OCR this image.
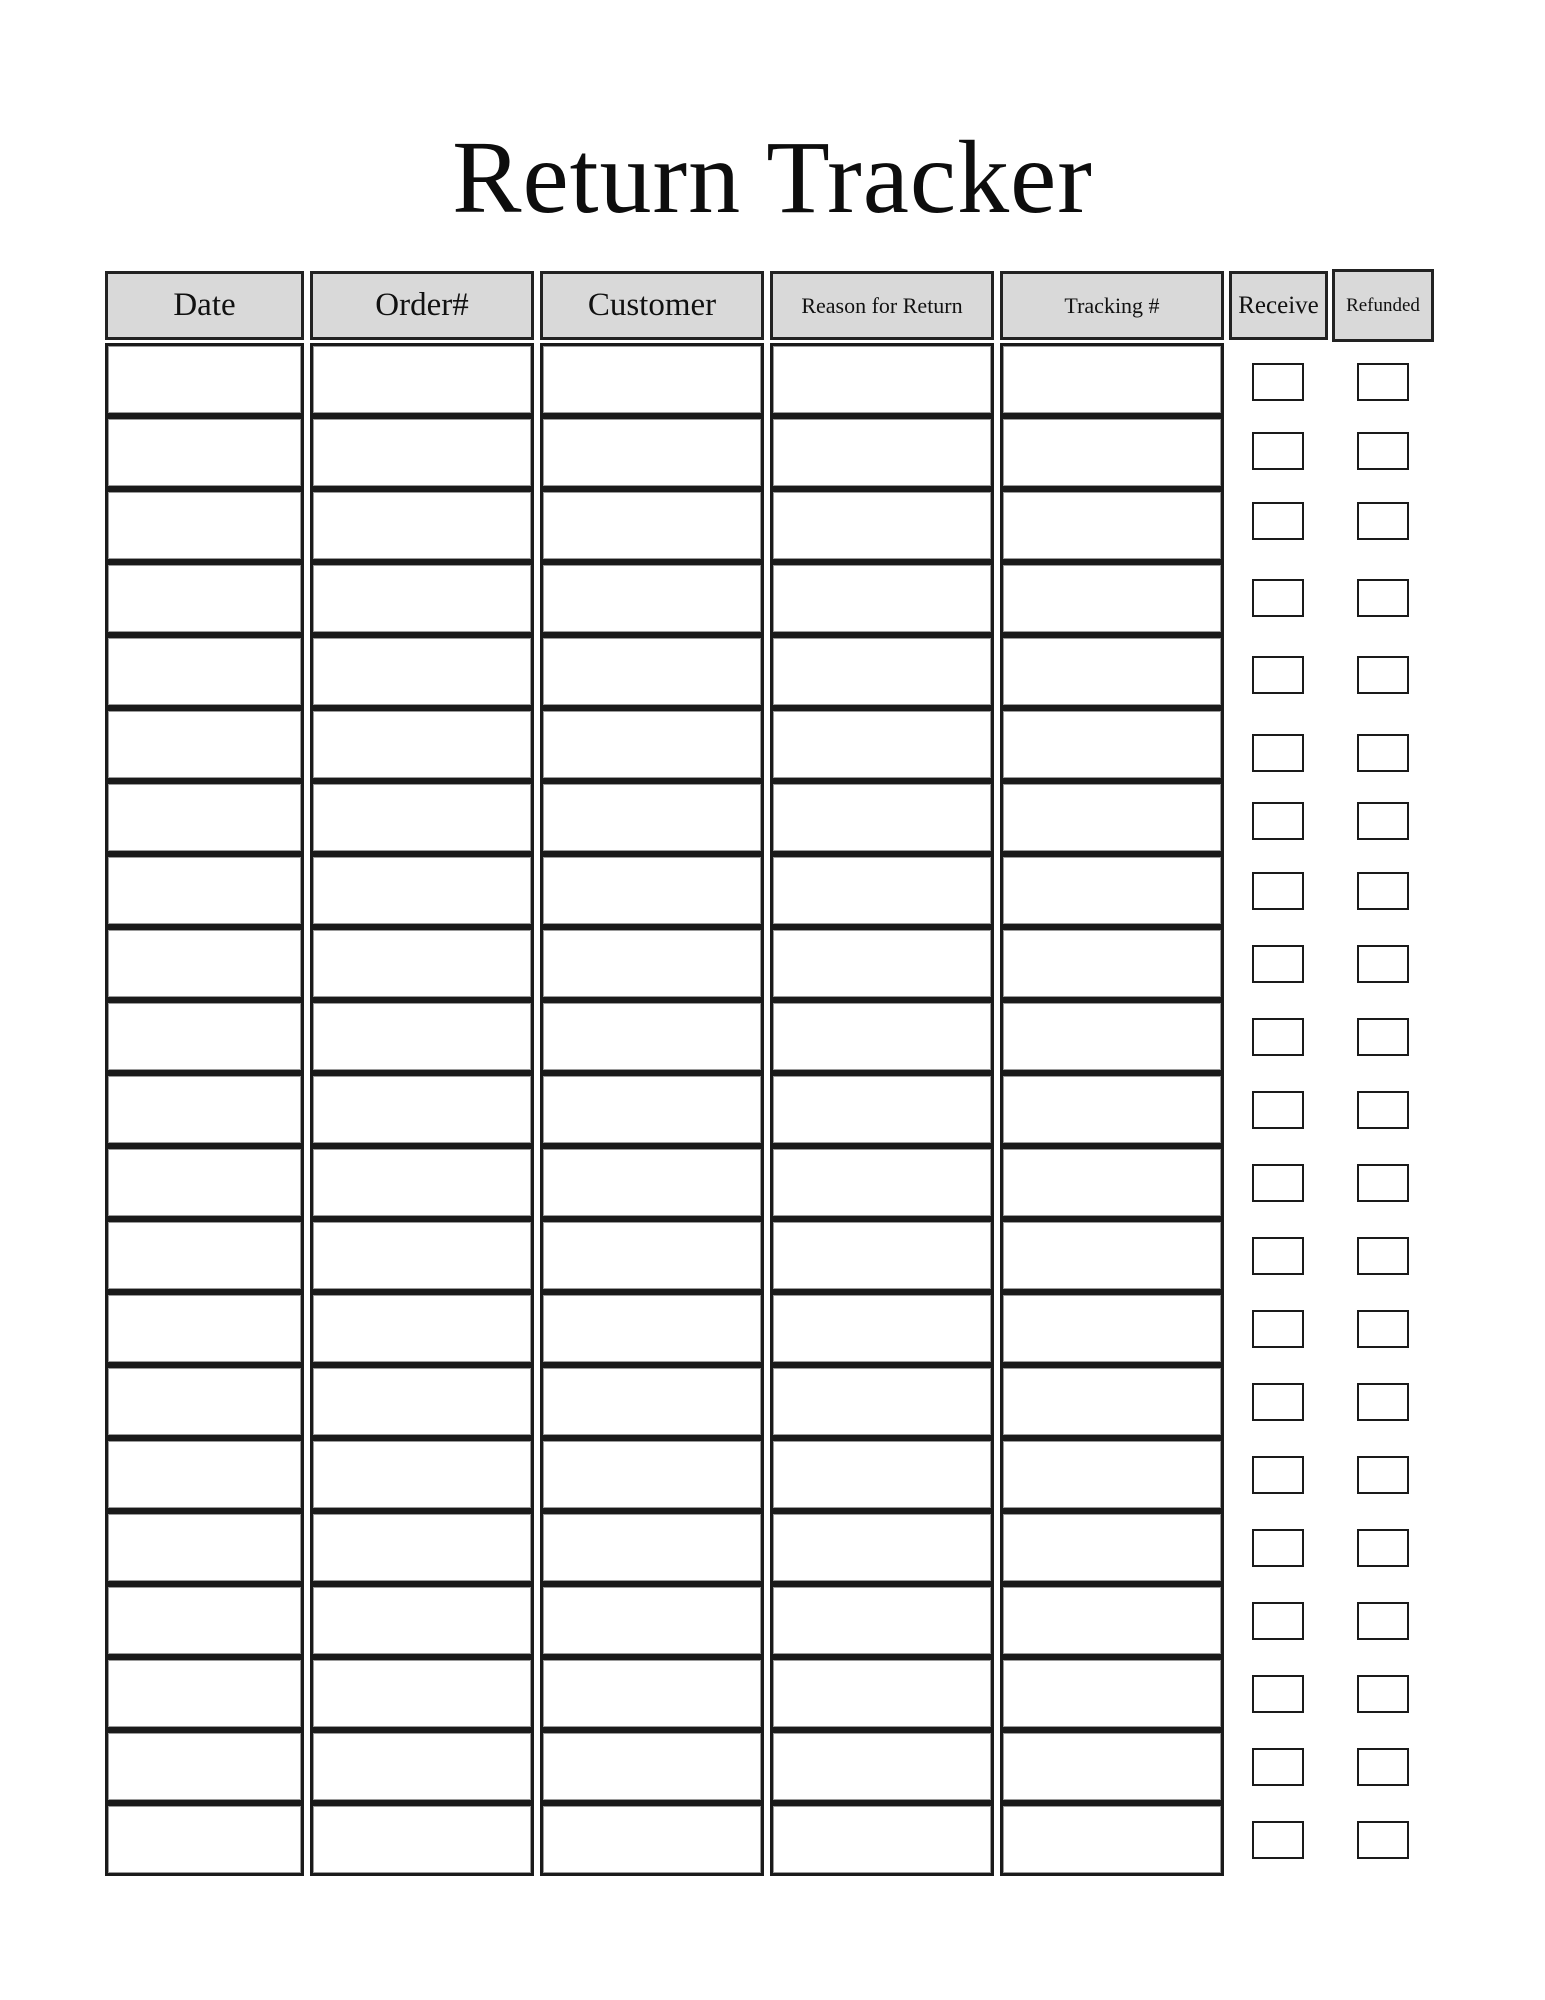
Return Tracker
Date	Order#	Customer	Reason for Return	Tracking #	Receive	Refunded
